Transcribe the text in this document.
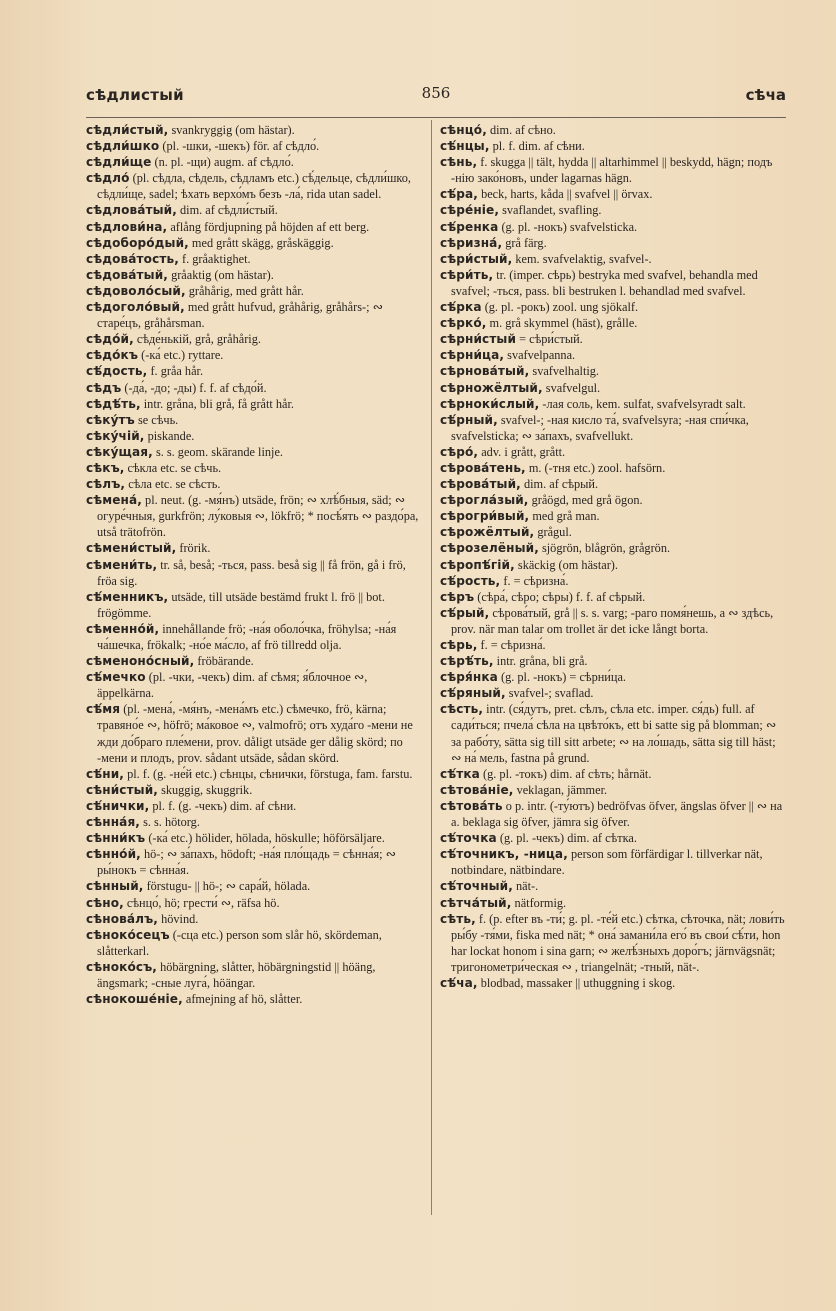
сѣдлистый	856	сѣча

сѣдли́стый, svankryggig (om hästar).

сѣдли́шко (pl. -шки, -шекъ) för. af сѣдло́.

сѣдли́ще (n. pl. -щи) augm. af сѣдло́.

сѣдло́ (pl. сѣдла, сѣдель, сѣдламъ etc.) сѣ́дельце, сѣдли́шко, сѣдли́ще, sadel; ѣхать верхо́мъ безъ -ла́, rida utan sadel.

сѣдлова́тый, dim. af сѣдли́стый.

сѣдлови́на, aflång fördjupning på höjden af ett berg.

сѣдоборо́дый, med grått skägg, gråskäggig.

сѣдова́тость, f. gråaktighet.

сѣдова́тый, gråaktig (om hästar).

сѣдоволо́сый, gråhårig, med grått hår.

сѣдоголо́вый, med grått hufvud, gråhårig, gråhårs-; ∾ старе́цъ, gråhårsman.

сѣдо́й, сѣде́нькій, grå, gråhårig.

сѣдо́къ (-ка́ etc.) ryttare.

сѣ́дость, f. gråa hår.

сѣдъ (-да́, -до; -ды) f. f. af сѣдо́й.

сѣдѣ́ть, intr. gråna, bli grå, få grått hår.

сѣку́тъ se сѣчь.

сѣку́чій, piskande.

сѣку́щая, s. s. geom. skärande linje.

сѣкъ, сѣкла etc. se сѣчь.

сѣлъ, сѣла etc. se сѣсть.

сѣмена́, pl. neut. (g. -мя́нъ) utsäde, frön; ∾ хлѣ́бныя, säd; ∾ огуре́чныя, gurkfrön; лу́ковыя ∾, lökfrö; * посѣ́ять ∾ раздо́ра, utså trätofrön.

сѣмени́стый, frörik.

сѣмени́ть, tr. så, beså; -ться, pass. beså sig || få frön, gå i frö, fröa sig.

сѣ́менникъ, utsäde, till utsäde bestämd frukt l. frö || bot. frögömme.

сѣменно́й, innehållande frö; -на́я оболо́чка, fröhylsa; -на́я ча́шечка, frökalk; -но́е ма́сло, af frö tillredd olja.

сѣменоно́сный, fröbärande.

сѣ́мечко (pl. -чки, -чекъ) dim. af сѣмя; я́блочное ∾, äppelkärna.

сѣ́мя (pl. -мена́, -мя́нъ, -мена́мъ etc.) сѣмечко, frö, kärna; травяно́е ∾, höfrö; ма́ковое ∾, valmofrö; отъ худа́го -мени не жди до́браго пле́мени, prov. dåligt utsäde ger dålig skörd; по -мени и плодъ, prov. sådant utsäde, sådan skörd.

сѣ́ни, pl. f. (g. -не́й etc.) сѣнцы, сѣнички, förstuga, fam. farstu.

сѣни́стый, skuggig, skuggrik.

сѣ́нички, pl. f. (g. -чекъ) dim. af сѣни.

сѣнна́я, s. s. hötorg.

сѣнни́къ (-ка́ etc.) hölider, hölada, höskulle; höförsäljare.

сѣнно́й, hö-; ∾ за́пахъ, hödoft; -на́я пло́щадь = сѣнна́я; ∾ ры́нокъ = сѣнна́я.

сѣнный, förstugu- || hö-; ∾ сара́й, hölada.

сѣно, сѣнцо́, hö; грести́ ∾, räfsa hö.

сѣнова́лъ, hövind.

сѣноко́сецъ (-сца etc.) person som slår hö, skördeman, slåtterkarl.

сѣноко́съ, höbärgning, slåtter, höbärgningstid || höäng, ängsmark; -сные луга́, höängar.

сѣнокоше́ніе, afmejning af hö, slåtter.

сѣнцо́, dim. af сѣно.

сѣ́нцы, pl. f. dim. af сѣни.

сѣнь, f. skugga || tält, hydda || altarhimmel || beskydd, hägn; подъ -нію зако́новъ, under lagarnas hägn.

сѣ́ра, beck, harts, kåda || svafvel || örvax.

сѣре́ніе, svaflandet, svafling.

сѣ́ренка (g. pl. -нокъ) svafvelsticka.

сѣризна́, grå färg.

сѣри́стый, kem. svafvelaktig, svafvel-.

сѣри́ть, tr. (imper. сѣрь) bestryka med svafvel, behandla med svafvel; -ться, pass. bli bestruken l. behandlad med svafvel.

сѣ́рка (g. pl. -рокъ) zool. ung sjökalf.

сѣрко́, m. grå skymmel (häst), grålle.

сѣрни́стый = сѣри́стый.

сѣрни́ца, svafvelpanna.

сѣрнова́тый, svafvelhaltig.

сѣрножёлтый, svafvelgul.

сѣрноки́слый, -лая соль, kem. sulfat, svafvelsyradt salt.

сѣ́рный, svafvel-; -ная кисло та́, svafvelsyra; -ная спи́чка, svafvelsticka; ∾ за́пахъ, svafvellukt.

сѣро́, adv. i grått, grått.

сѣрова́тень, m. (-тня etc.) zool. hafsörn.

сѣрова́тый, dim. af сѣрый.

сѣрогла́зый, gråögd, med grå ögon.

сѣрогри́вый, med grå man.

сѣрожёлтый, grågul.

сѣрозелёный, sjögrön, blågrön, grågrön.

сѣропѣ́гій, skäckig (om hästar).

сѣ́рость, f. = сѣризна́.

сѣръ (сѣра́, сѣро; сѣры) f. f. af сѣрый.

сѣ́рый, сѣрова́тый, grå || s. s. varg; -раго помя́нешь, а ∾ здѣсь, prov. när man talar om trollet är det icke långt borta.

сѣрь, f. = сѣризна́.

сѣрѣ́ть, intr. gråna, bli grå.

сѣря́нка (g. pl. -нокъ) = сѣрни́ца.

сѣ́ряный, svafvel-; svaflad.

сѣсть, intr. (ся́дутъ, pret. сѣлъ, сѣла etc. imper. ся́дь) full. af сади́ться; пчела́ сѣла на цвѣто́къ, ett bi satte sig på blomman; ∾ за рабо́ту, sätta sig till sitt arbete; ∾ на ло́шадь, sätta sig till häst; ∾ на́ мель, fastna på grund.

сѣ́тка (g. pl. -токъ) dim. af сѣть; hårnät.

сѣтова́ніе, veklagan, jämmer.

сѣтова́ть о p. intr. (-ту́ютъ) bedröfvas öfver, ängslas öfver || ∾ на a. beklaga sig öfver, jämra sig öfver.

сѣ́точка (g. pl. -чекъ) dim. af сѣтка.

сѣ́точникъ, -ница, person som förfärdigar l. tillverkar nät, notbindare, nätbindare.

сѣ́точный, nät-.

сѣтча́тый, nätformig.

сѣть, f. (p. efter въ -ти́; g. pl. -те́й etc.) сѣтка, сѣточка, nät; лови́ть ры́бу -тя́ми, fiska med nät; * она́ замани́ла его́ въ свои́ сѣ́ти, hon har lockat honom i sina garn; ∾ желѣ́зныхъ доро́гъ; järnvägsnät; тригонометри́ческая ∾ , triangelnät; -тный, nät-.

сѣ́ча, blodbad, massaker || uthuggning i skog.
